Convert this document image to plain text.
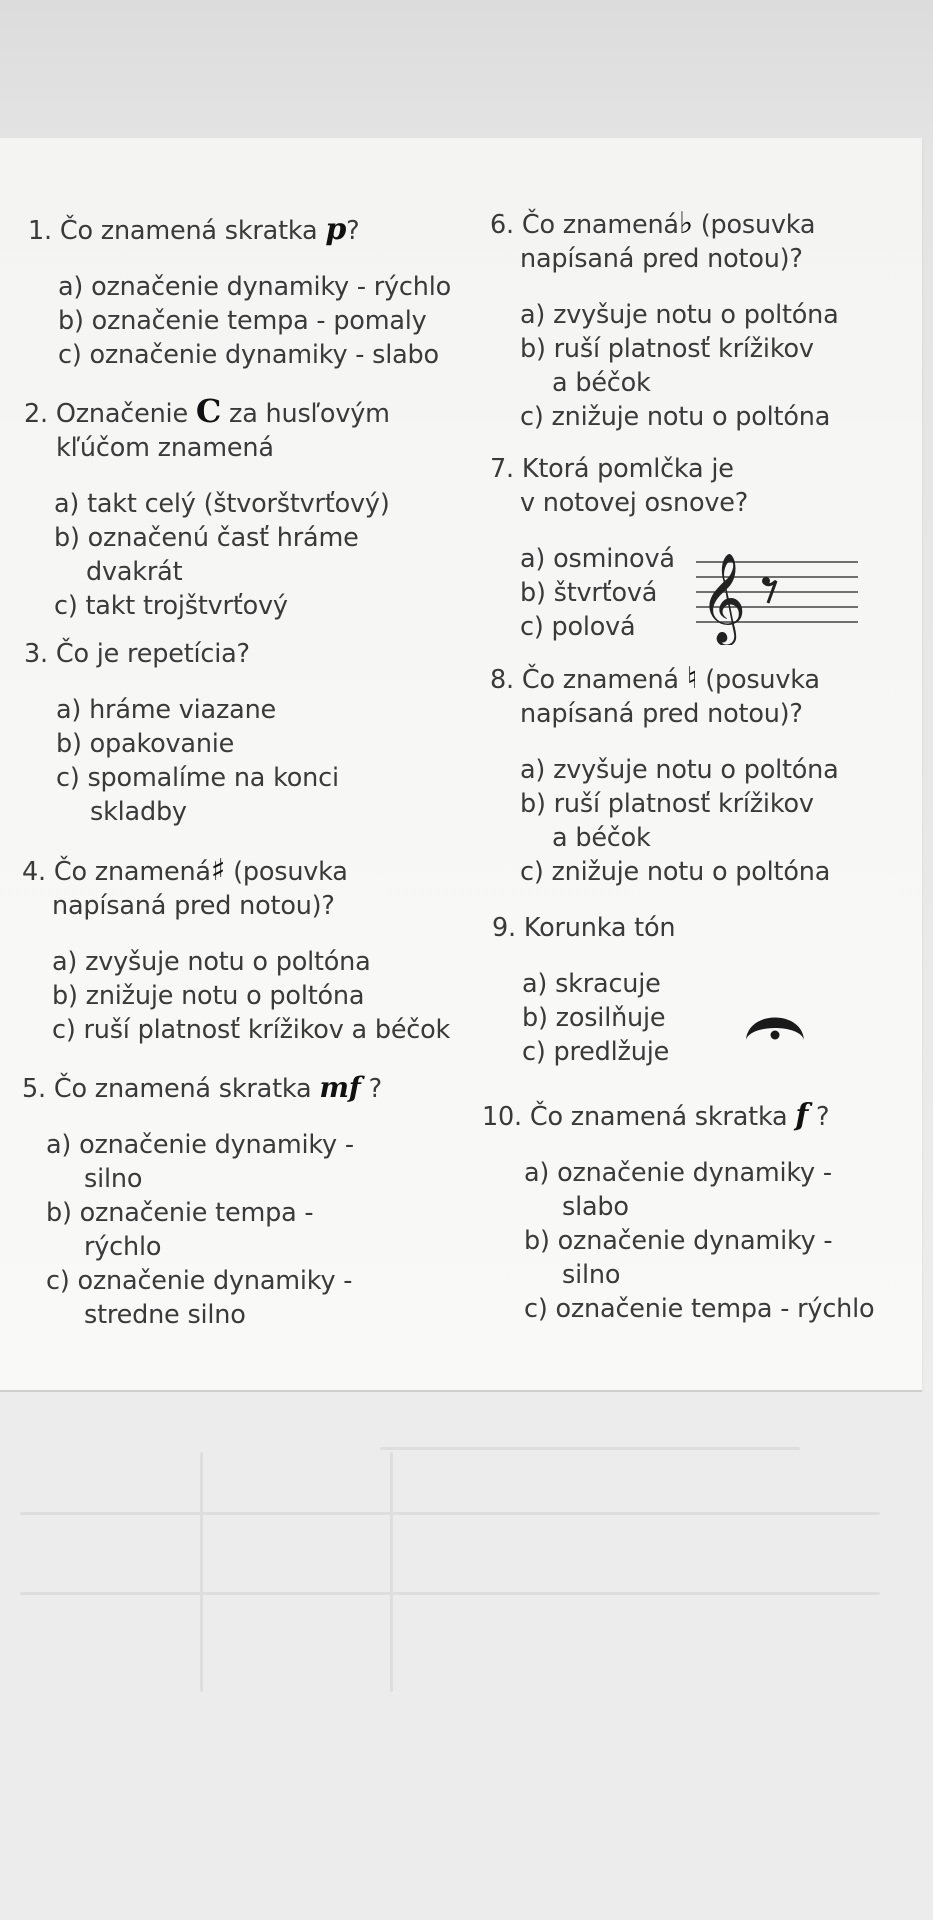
1. Čo znamená skratka p?
a) označenie dynamiky - rýchlo
b) označenie tempa - pomaly
c) označenie dynamiky - slabo
2. Označenie C za husľovým
kľúčom znamená
a) takt celý (štvorštvrťový)
b) označenú časť hráme
dvakrát
c) takt trojštvrťový
3. Čo je repetícia?
a) hráme viazane
b) opakovanie
c) spomalíme na konci
skladby
4. Čo znamená♯ (posuvka
napísaná pred notou)?
a) zvyšuje notu o poltóna
b) znižuje notu o poltóna
c) ruší platnosť krížikov a béčok
5. Čo znamená skratka mf ?
a) označenie dynamiky -
silno
b) označenie tempa -
rýchlo
c) označenie dynamiky -
stredne silno
6. Čo znamená♭ (posuvka
napísaná pred notou)?
a) zvyšuje notu o poltóna
b) ruší platnosť krížikov
a béčok
c) znižuje notu o poltóna
7. Ktorá pomlčka je
v notovej osnove?
a) osminová
b) štvrťová
c) polová 𝄞
8. Čo znamená ♮ (posuvka
napísaná pred notou)?
a) zvyšuje notu o poltóna
b) ruší platnosť krížikov
a béčok
c) znižuje notu o poltóna
9. Korunka tón
a) skracuje
b) zosilňuje
c) predlžuje
10. Čo znamená skratka f ?
a) označenie dynamiky -
slabo
b) označenie dynamiky -
silno
c) označenie tempa - rýchlo
